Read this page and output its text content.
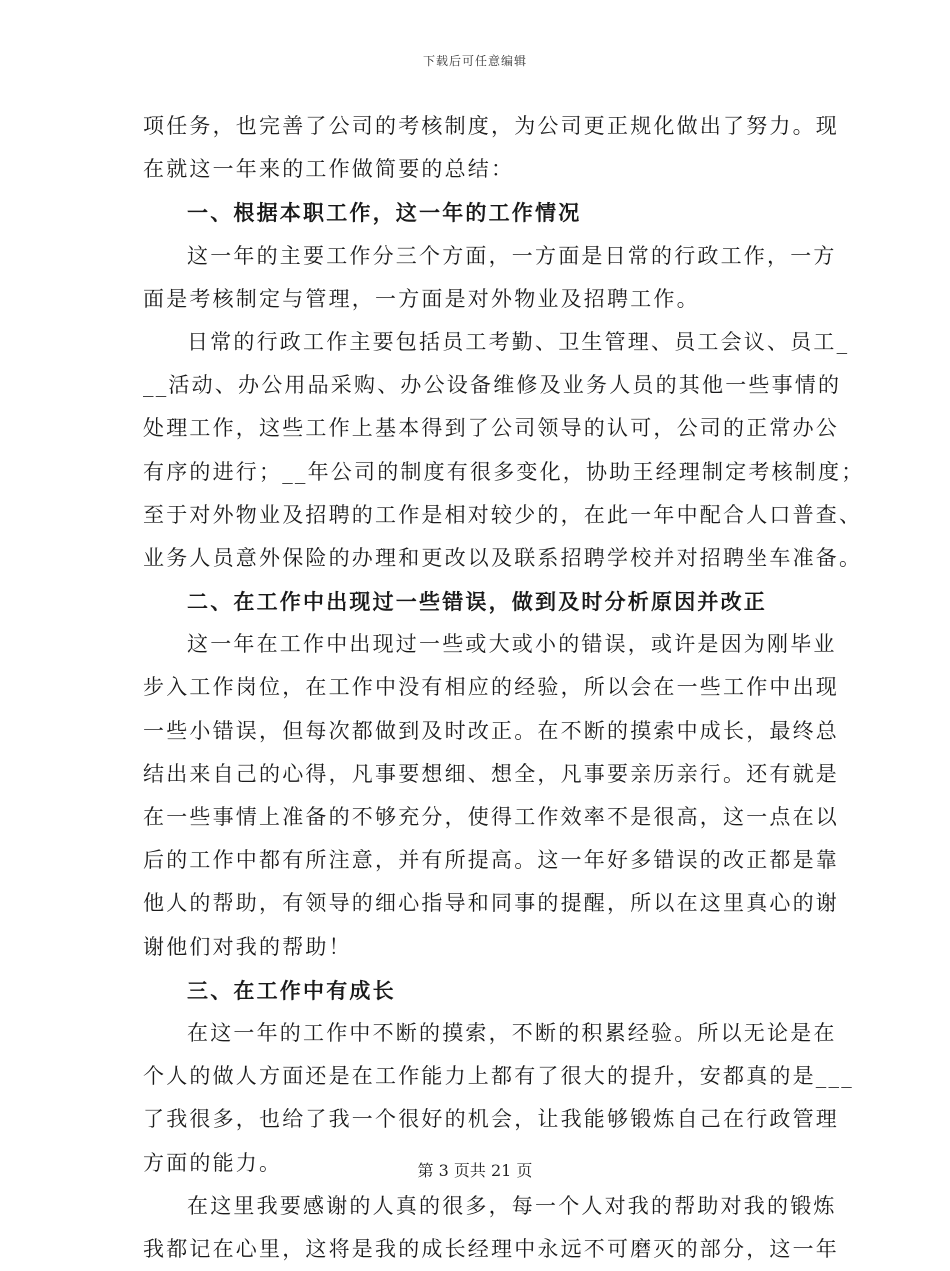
下载后可任意编辑
项任务，也完善了公司的考核制度，为公司更正规化做出了努力。现
在就这一年来的工作做简要的总结：
一、根据本职工作，这一年的工作情况
这一年的主要工作分三个方面，一方面是日常的行政工作，一方
面是考核制定与管理，一方面是对外物业及招聘工作。
日常的行政工作主要包括员工考勤、卫生管理、员工会议、员工_
__活动、办公用品采购、办公设备维修及业务人员的其他一些事情的
处理工作，这些工作上基本得到了公司领导的认可，公司的正常办公
有序的进行；__年公司的制度有很多变化，协助王经理制定考核制度；
至于对外物业及招聘的工作是相对较少的，在此一年中配合人口普查、
业务人员意外保险的办理和更改以及联系招聘学校并对招聘坐车准备。
二、在工作中出现过一些错误，做到及时分析原因并改正
这一年在工作中出现过一些或大或小的错误，或许是因为刚毕业
步入工作岗位，在工作中没有相应的经验，所以会在一些工作中出现
一些小错误，但每次都做到及时改正。在不断的摸索中成长，最终总
结出来自己的心得，凡事要想细、想全，凡事要亲历亲行。还有就是
在一些事情上准备的不够充分，使得工作效率不是很高，这一点在以
后的工作中都有所注意，并有所提高。这一年好多错误的改正都是靠
他人的帮助，有领导的细心指导和同事的提醒，所以在这里真心的谢
谢他们对我的帮助！
三、在工作中有成长
在这一年的工作中不断的摸索，不断的积累经验。所以无论是在
个人的做人方面还是在工作能力上都有了很大的提升，安都真的是___
了我很多，也给了我一个很好的机会，让我能够锻炼自己在行政管理
方面的能力。
在这里我要感谢的人真的很多，每一个人对我的帮助对我的锻炼
我都记在心里，这将是我的成长经理中永远不可磨灭的部分，这一年
第 3 页共 21 页
